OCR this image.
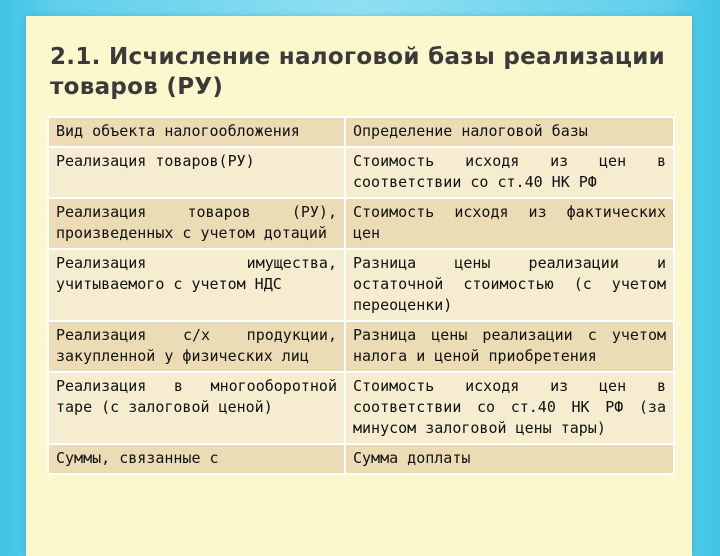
2.1. Исчисление налоговой базы реализации товаров (РУ)
Вид объекта налогообложения	Определение налоговой базы
Реализация товаров(РУ)	Стоимость исходя из цен в соответствии со ст.40 НК РФ
Реализация товаров (РУ), произведенных с учетом дотаций	Стоимость исходя из фактических цен
Реализация имущества, учитываемого с учетом НДС	Разница цены реализации и остаточной стоимостью (с учетом переоценки)
Реализация с/х продукции, закупленной у физических лиц	Разница цены реализации с учетом налога и ценой приобретения
Реализация в многооборотной таре (с залоговой ценой)	Стоимость исходя из цен в соответствии со ст.40 НК РФ (за минусом залоговой цены тары)
Суммы, связанные с	Сумма доплаты
